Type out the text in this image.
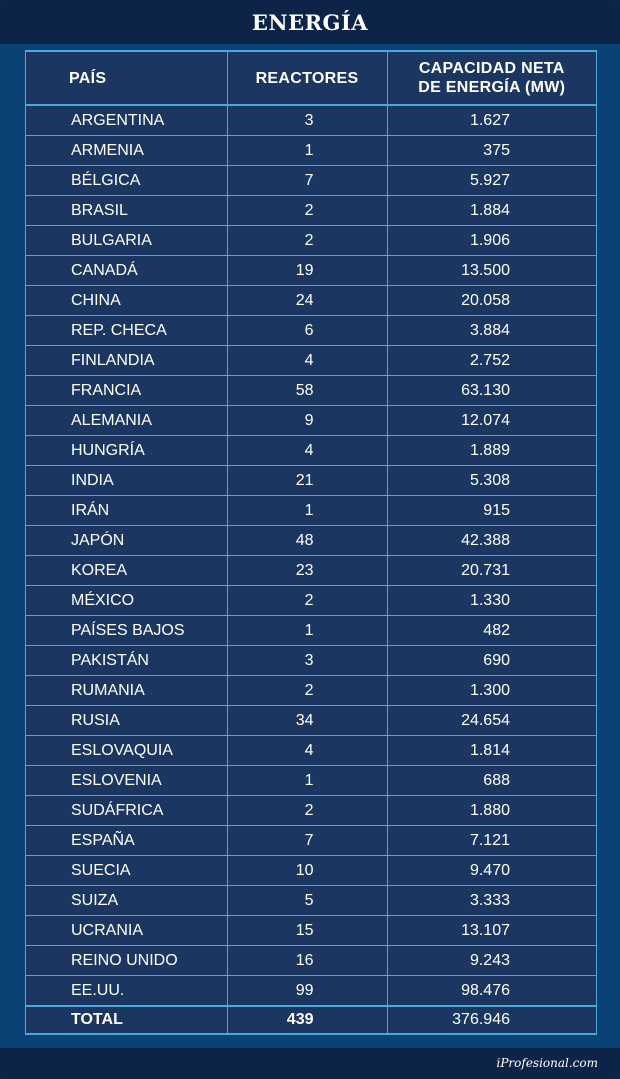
ENERGÍA
PAÍS	REACTORES	CAPACIDAD NETA
DE ENERGÍA (MW)

ARGENTINA	3	1.627
ARMENIA	1	375
BÉLGICA	7	5.927
BRASIL	2	1.884
BULGARIA	2	1.906
CANADÁ	19	13.500
CHINA	24	20.058
REP. CHECA	6	3.884
FINLANDIA	4	2.752
FRANCIA	58	63.130
ALEMANIA	9	12.074
HUNGRÍA	4	1.889
INDIA	21	5.308
IRÁN	1	915
JAPÓN	48	42.388
KOREA	23	20.731
MÉXICO	2	1.330
PAÍSES BAJOS	1	482
PAKISTÁN	3	690
RUMANIA	2	1.300
RUSIA	34	24.654
ESLOVAQUIA	4	1.814
ESLOVENIA	1	688
SUDÁFRICA	2	1.880
ESPAÑA	7	7.121
SUECIA	10	9.470
SUIZA	5	3.333
UCRANIA	15	13.107
REINO UNIDO	16	9.243
EE.UU.	99	98.476
TOTAL	439	376.946
iProfesional.com
